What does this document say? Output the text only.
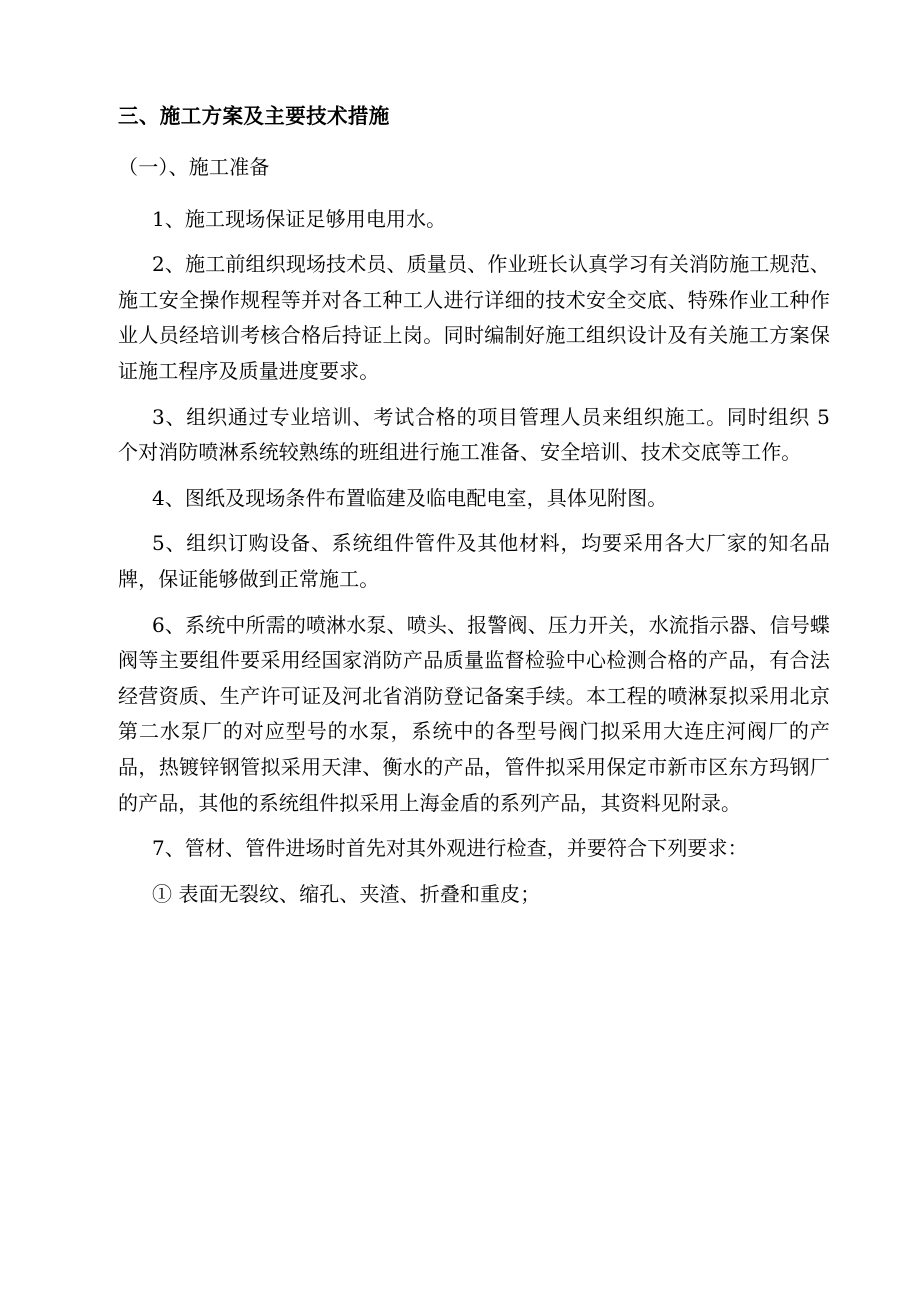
三、施工方案及主要技术措施

（一）、施工准备

1、施工现场保证足够用电用水。

2、施工前组织现场技术员、质量员、作业班长认真学习有关消防施工规范、施工安全操作规程等并对各工种工人进行详细的技术安全交底、特殊作业工种作业人员经培训考核合格后持证上岗。同时编制好施工组织设计及有关施工方案保证施工程序及质量进度要求。

3、组织通过专业培训、考试合格的项目管理人员来组织施工。同时组织 5 个对消防喷淋系统较熟练的班组进行施工准备、安全培训、技术交底等工作。

4、图纸及现场条件布置临建及临电配电室，具体见附图。

5、组织订购设备、系统组件管件及其他材料，均要采用各大厂家的知名品牌，保证能够做到正常施工。

6、系统中所需的喷淋水泵、喷头、报警阀、压力开关，水流指示器、信号蝶阀等主要组件要采用经国家消防产品质量监督检验中心检测合格的产品，有合法经营资质、生产许可证及河北省消防登记备案手续。本工程的喷淋泵拟采用北京第二水泵厂的对应型号的水泵，系统中的各型号阀门拟采用大连庄河阀厂的产品，热镀锌钢管拟采用天津、衡水的产品，管件拟采用保定市新市区东方玛钢厂的产品，其他的系统组件拟采用上海金盾的系列产品，其资料见附录。

7、管材、管件进场时首先对其外观进行检查，并要符合下列要求：

① 表面无裂纹、缩孔、夹渣、折叠和重皮；
